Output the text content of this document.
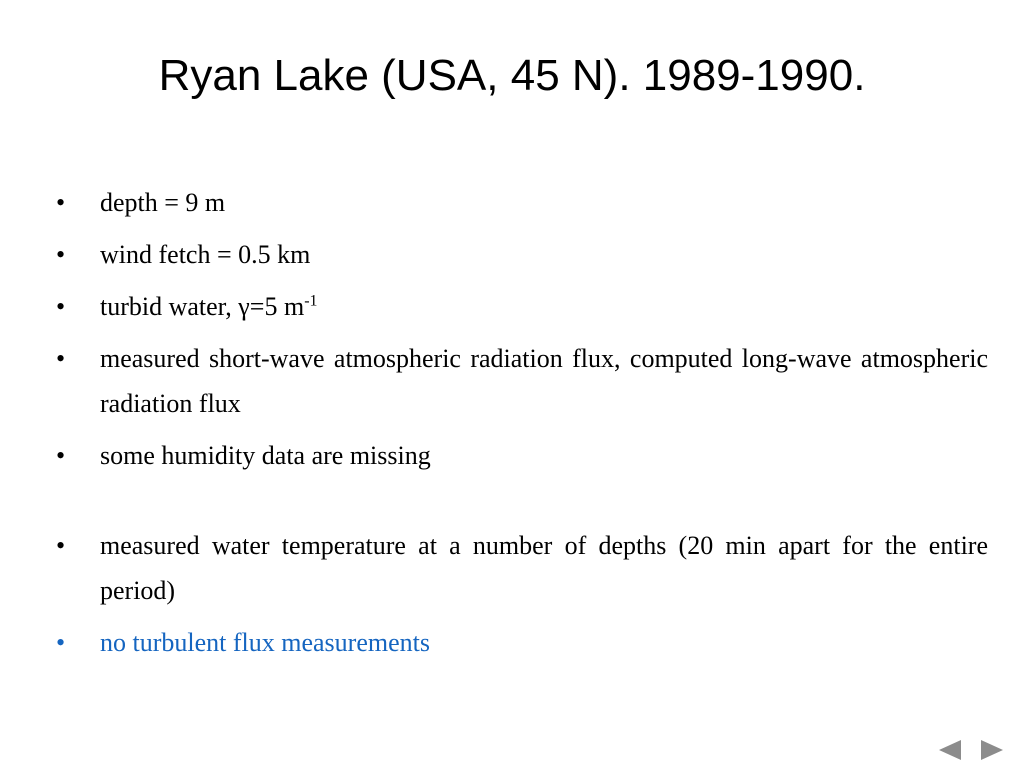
Ryan Lake (USA, 45 N). 1989-1990.
•	depth = 9 m
•	wind fetch = 0.5 km
•	turbid water, γ=5 $m^{-1}$
•	measured short-wave atmospheric radiation flux, computed long-wave atmospheric radiation flux
•	some humidity data are missing
•	measured water temperature at a number of depths (20 min apart for the entire period)
•	no turbulent flux measurements
